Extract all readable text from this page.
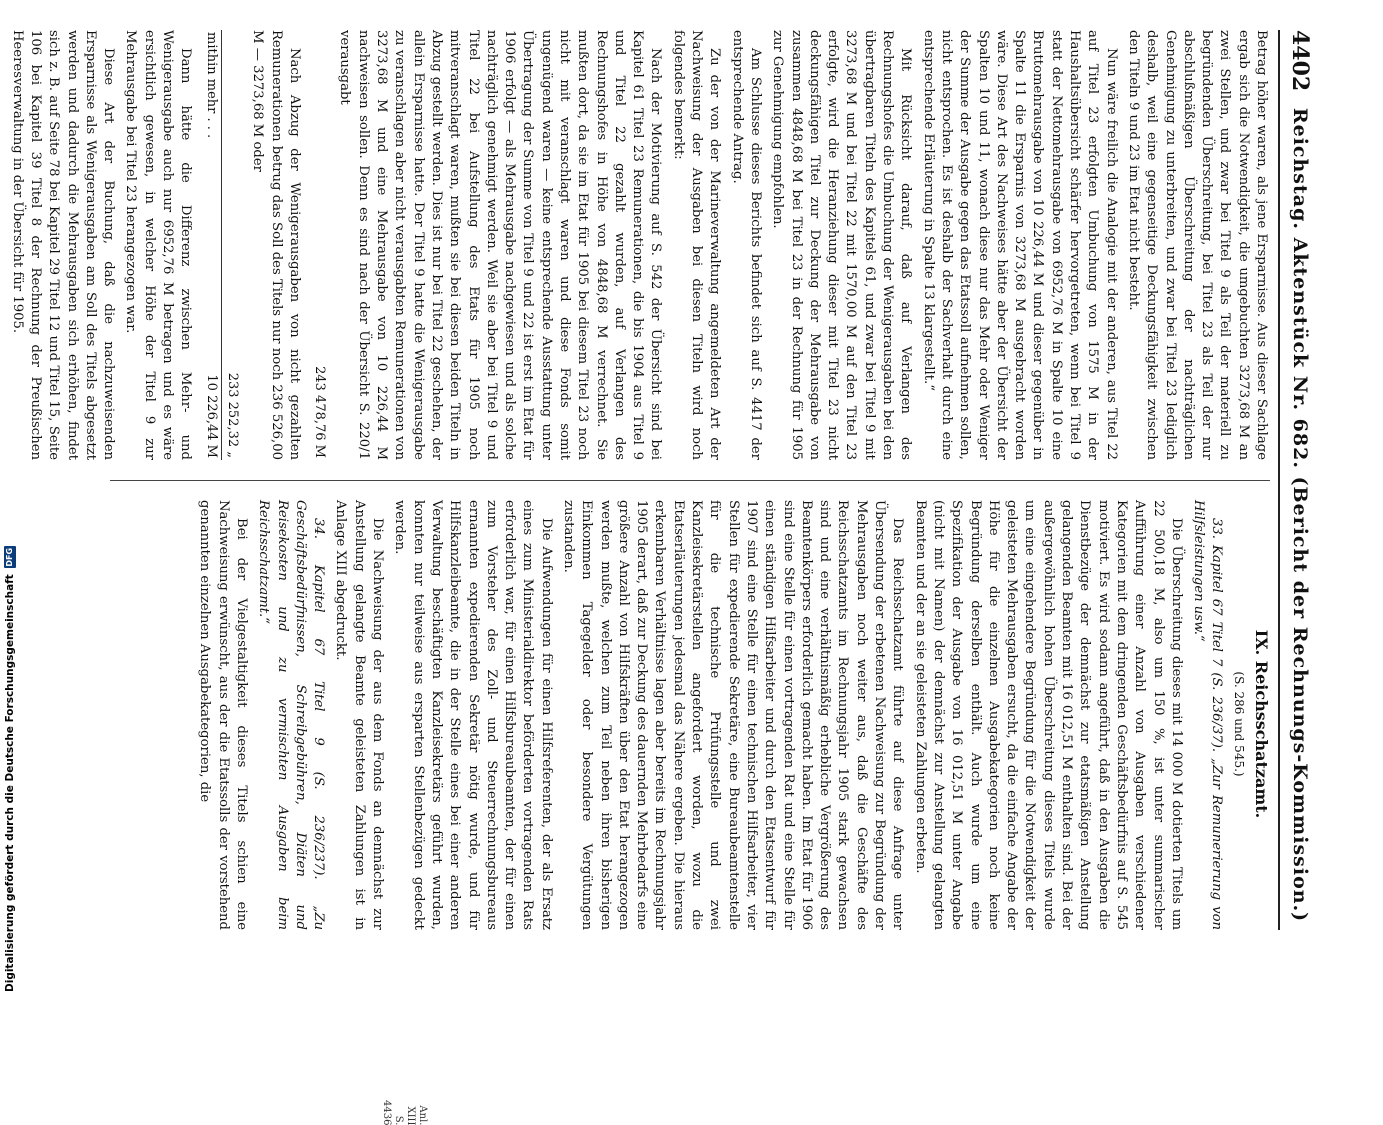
4402
Reichstag. Aktenstück Nr. 682. (Bericht der Rechnungs-Kommission.)

Betrag höher waren, als jene Ersparnisse. Aus dieser Sachlage ergab sich die Notwendigkeit, die umgebuchten 3273,68 M an zwei Stellen, und zwar bei Titel 9 als Teil der materiell zu begründenden Überschreitung, bei Titel 23 als Teil der nur abschlußmäßigen Überschreitung der nachträglichen Genehmigung zu unterbreiten, und zwar bei Titel 23 lediglich deshalb, weil eine gegenseitige Deckungsfähigkeit zwischen den Titeln 9 und 23 im Etat nicht besteht.

Nun wäre freilich die Analogie mit der anderen, aus Titel 22 auf Titel 23 erfolgten Umbuchung von 1575 M in der Haushaltsübersicht schärfer hervorgetreten, wenn bei Titel 9 statt der Nettomehrausgabe von 6952,76 M in Spalte 10 eine Bruttomehrausgabe von 10 226,44 M und dieser gegenüber in Spalte 11 die Ersparnis von 3273,68 M ausgebracht worden wäre. Diese Art des Nachweises hätte aber der Übersicht der Spalten 10 und 11, wonach diese nur das Mehr oder Weniger der Summe der Ausgabe gegen das Etatssoll aufnehmen sollen, nicht entsprochen. Es ist deshalb der Sachverhalt durch eine entsprechende Erläuterung in Spalte 13 klargestellt.“

Mit Rücksicht darauf, daß auf Verlangen des Rechnungshofes die Umbuchung der Wenigerausgaben bei den übertragbaren Titeln des Kapitels 61, und zwar bei Titel 9 mit 3273,68 M und bei Titel 22 mit 1570,00 M auf den Titel 23 erfolgte, wird die Heranziehung dieser mit Titel 23 nicht deckungsfähigen Titel zur Deckung der Mehrausgabe von zusammen 4848,68 M bei Titel 23 in der Rechnung für 1905 zur Genehmigung empfohlen.

Am Schlusse dieses Berichts befindet sich auf S. 4417 der entsprechende Antrag.

Zu der von der Marineverwaltung angemeldeten Art der Nachweisung der Ausgaben bei diesen Titeln wird noch folgendes bemerkt:

Nach der Motivierung auf S. 542 der Übersicht sind bei Kapitel 61 Titel 23 Remunerationen, die bis 1904 aus Titel 9 und Titel 22 gezahlt wurden, auf Verlangen des Rechnungshofes in Höhe von 4848,68 M verrechnet. Sie mußten dort, da sie im Etat für 1905 bei diesem Titel 23 noch nicht mit veranschlagt waren und diese Fonds somit ungenügend waren — keine entsprechende Ausstattung unter Übertragung der Summe von Titel 9 und 22 ist erst im Etat für 1906 erfolgt — als Mehrausgabe nachgewiesen und als solche nachträglich genehmigt werden. Weil sie aber bei Titel 9 und Titel 22 bei Aufstellung des Etats für 1905 noch mitveranschlagt waren, mußten sie bei diesen beiden Titeln in Abzug gestellt werden. Dies ist nur bei Titel 22 geschehen, der allein Ersparnisse hatte. Der Titel 9 hatte die Wenigerausgabe zu veranschlagen aber nicht verausgabten Remunerationen von 3273,68 M und eine Mehrausgabe von 10 226,44 M nachweisen sollen. Denn es sind nach der Übersicht S. 220/1 verausgabt

	243 478,76 M

Nach Abzug der Wenigerausgaben von nicht gezahlten Remunerationen betrug das Soll des Titels nur noch 236 526,00 M — 3273,68 M oder

	233 252,32 „
mithin mehr . . .	10 226,44 M

Dann hätte die Differenz zwischen Mehr- und Wenigerausgabe auch nur 6952,76 M betragen und es wäre ersichtlich gewesen, in welcher Höhe der Titel 9 zur Mehrausgabe bei Titel 23 herangezogen war.

Diese Art der Buchung, daß die nachzuweisenden Ersparnisse als Wenigerausgaben am Soll des Titels abgesetzt werden und dadurch die Mehrausgaben sich erhöhen, findet sich z. B. auf Seite 78 bei Kapitel 29 Titel 12 und Titel 15, Seite 106 bei Kapitel 39 Titel 8 der Rechnung der Preußischen Heeresverwaltung in der Übersicht für 1905.

IX. Reichsschatzamt.

(S. 286 und 545.)

33. Kapitel 67 Titel 7 (S. 236/37). „Zur Remunerierung von Hilfsleistungen usw.“

Die Überschreitung dieses mit 14 000 M dotierten Titels um 22 500,18 M, also um 150 %, ist unter summarischer Aufführung einer Anzahl von Ausgaben verschiedener Kategorien mit dem dringenden Geschäftsbedürfnis auf S. 545 motiviert. Es wird sodann angeführt, daß in den Ausgaben die Dienstbezüge der demnächst zur etatsmäßigen Anstellung gelangenden Beamten mit 16 012,51 M enthalten sind. Bei der außergewöhnlich hohen Überschreitung dieses Titels wurde um eine eingehendere Begründung für die Notwendigkeit der geleisteten Mehrausgaben ersucht, da die einfache Angabe der Höhe für die einzelnen Ausgabekategorien noch keine Begründung derselben enthält. Auch wurde um eine Spezifikation der Ausgabe von 16 012,51 M unter Angabe (nicht mit Namen) der demnächst zur Anstellung gelangten Beamten und der an sie geleisteten Zahlungen erbeten.

Das Reichsschatzamt führte auf diese Anfrage unter Übersendung der erbetenen Nachweisung zur Begründung der Mehrausgaben noch weiter aus, daß die Geschäfte des Reichsschatzamts im Rechnungsjahr 1905 stark gewachsen sind und eine verhältnismäßig erhebliche Vergrößerung des Beamtenkörpers erforderlich gemacht haben. Im Etat für 1906 sind eine Stelle für einen vortragenden Rat und eine Stelle für einen ständigen Hilfsarbeiter und durch den Etatsentwurf für 1907 sind eine Stelle für einen technischen Hilfsarbeiter, vier Stellen für expedierende Sekretäre, eine Bureaubeamtenstelle für die technische Prüfungsstelle und zwei Kanzleisekretärstellen angefordert worden, wozu die Etatserläuterungen jedesmal das Nähere ergeben. Die hieraus erkennbaren Verhältnisse lagen aber bereits im Rechnungsjahr 1905 derart, daß zur Deckung des dauernden Mehrbedarfs eine größere Anzahl von Hilfskräften über den Etat herangezogen werden mußte, welchen zum Teil neben ihren bisherigen Einkommen Tagegelder oder besondere Vergütungen zustanden.

Die Aufwendungen für einen Hilfsreferenten, der als Ersatz eines zum Ministerialdirektor beförderten vortragenden Rats erforderlich war, für einen Hilfsbureaubeamten, der für einen zum Vorsteher des Zoll- und Steuerrechnungsbureaus ernannten expedierenden Sekretär nötig wurde, und für Hilfskanzleibeamte, die in der Stelle eines bei einer anderen Verwaltung beschäftigten Kanzleisekretärs geführt wurden, konnten nur teilweise aus ersparten Stellenbezügen gedeckt werden.

Die Nachweisung der aus dem Fonds an demnächst zur Anstellung gelangte Beamte geleisteten Zahlungen ist in Anlage XIII abgedruckt.

34. Kapitel 67 Titel 9 (S. 236/237). „Zu Geschäftsbedürfnissen, Schreibgebühren, Diäten und Reisekosten und zu vermischten Ausgaben beim Reichsschatzamt.“

Bei der Vielgestaltigkeit dieses Titels schien eine Nachweisung erwünscht, aus der die Etatssolls der vorstehend genannten einzelnen Ausgabekategorien, die

Anl. XIII S. 4436
Digitalisierung gefördert durch die Deutsche Forschungsgemeinschaft
DFG
